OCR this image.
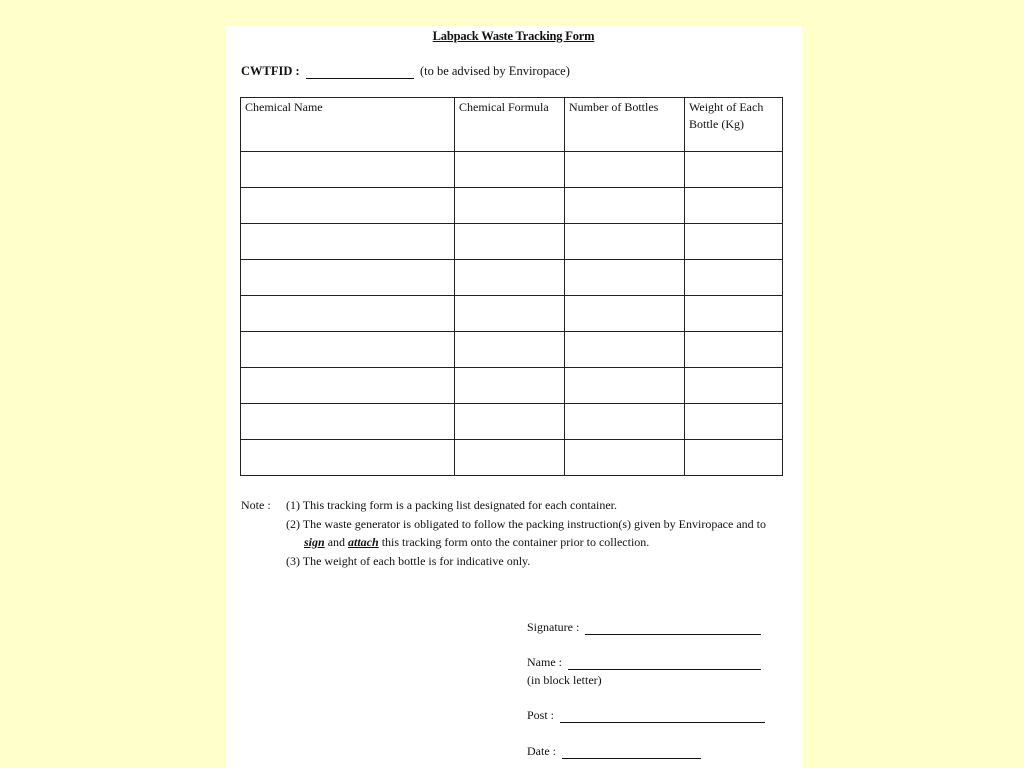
Labpack Waste Tracking Form
CWTFID :	(to be advised by Enviropace)
Chemical Name	Chemical Formula	Number of Bottles	Weight of Each Bottle (Kg)

Note : (1) This tracking form is a packing list designated for each container.
(2) The waste generator is obligated to follow the packing instruction(s) given by Enviropace and to
sign and attach this tracking form onto the container prior to collection.
(3) The weight of each bottle is for indicative only.
Signature :
Name :
(in block letter)
Post :
Date :
